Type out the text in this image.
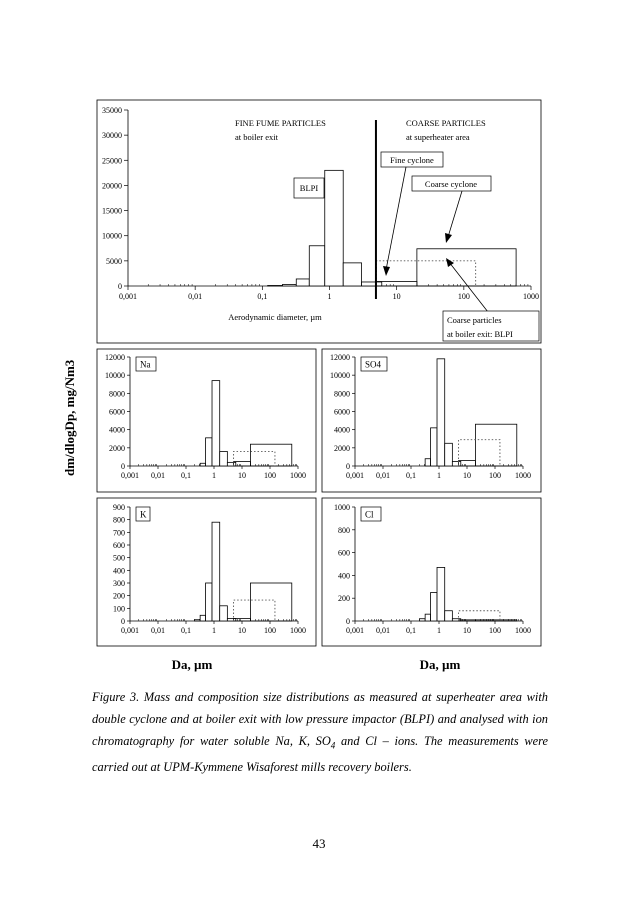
0
5000
10000
15000
20000
25000
30000
35000
0,001	0,01	0,1	1	10	100	1000
Aerodynamic diameter, µm
FINE FUME PARTICLES
at boiler exit
COARSE PARTICLES
at superheater area
Fine cyclone
Coarse cyclone
BLPI
Coarse particles
at boiler exit: BLPI
0
2000
4000
6000
8000
10000
12000
0,001 0,01 0,1	1	10 100 1000
Na
0
2000
4000
6000
8000
10000
12000
0,001 0,01 0,1	1	10 100 1000
SO4
0
100
200
300
400
500
600
700
800
900
0,001 0,01 0,1	1	10 100 1000
K
0
200
400
600
800
1000
0,001 0,01 0,1	1	10 100 1000
Cl
dm/dlogDp, mg/Nm3
Da, µm	Da, µm
Figure 3. Mass and composition size distributions as measured at superheater area with double cyclone and at boiler exit with low pressure impactor (BLPI) and analysed with ion chromatography for water soluble Na, K, $SO_4$ and Cl – ions. The measurements were carried out at UPM-Kymmene Wisaforest mills recovery boilers.
43
